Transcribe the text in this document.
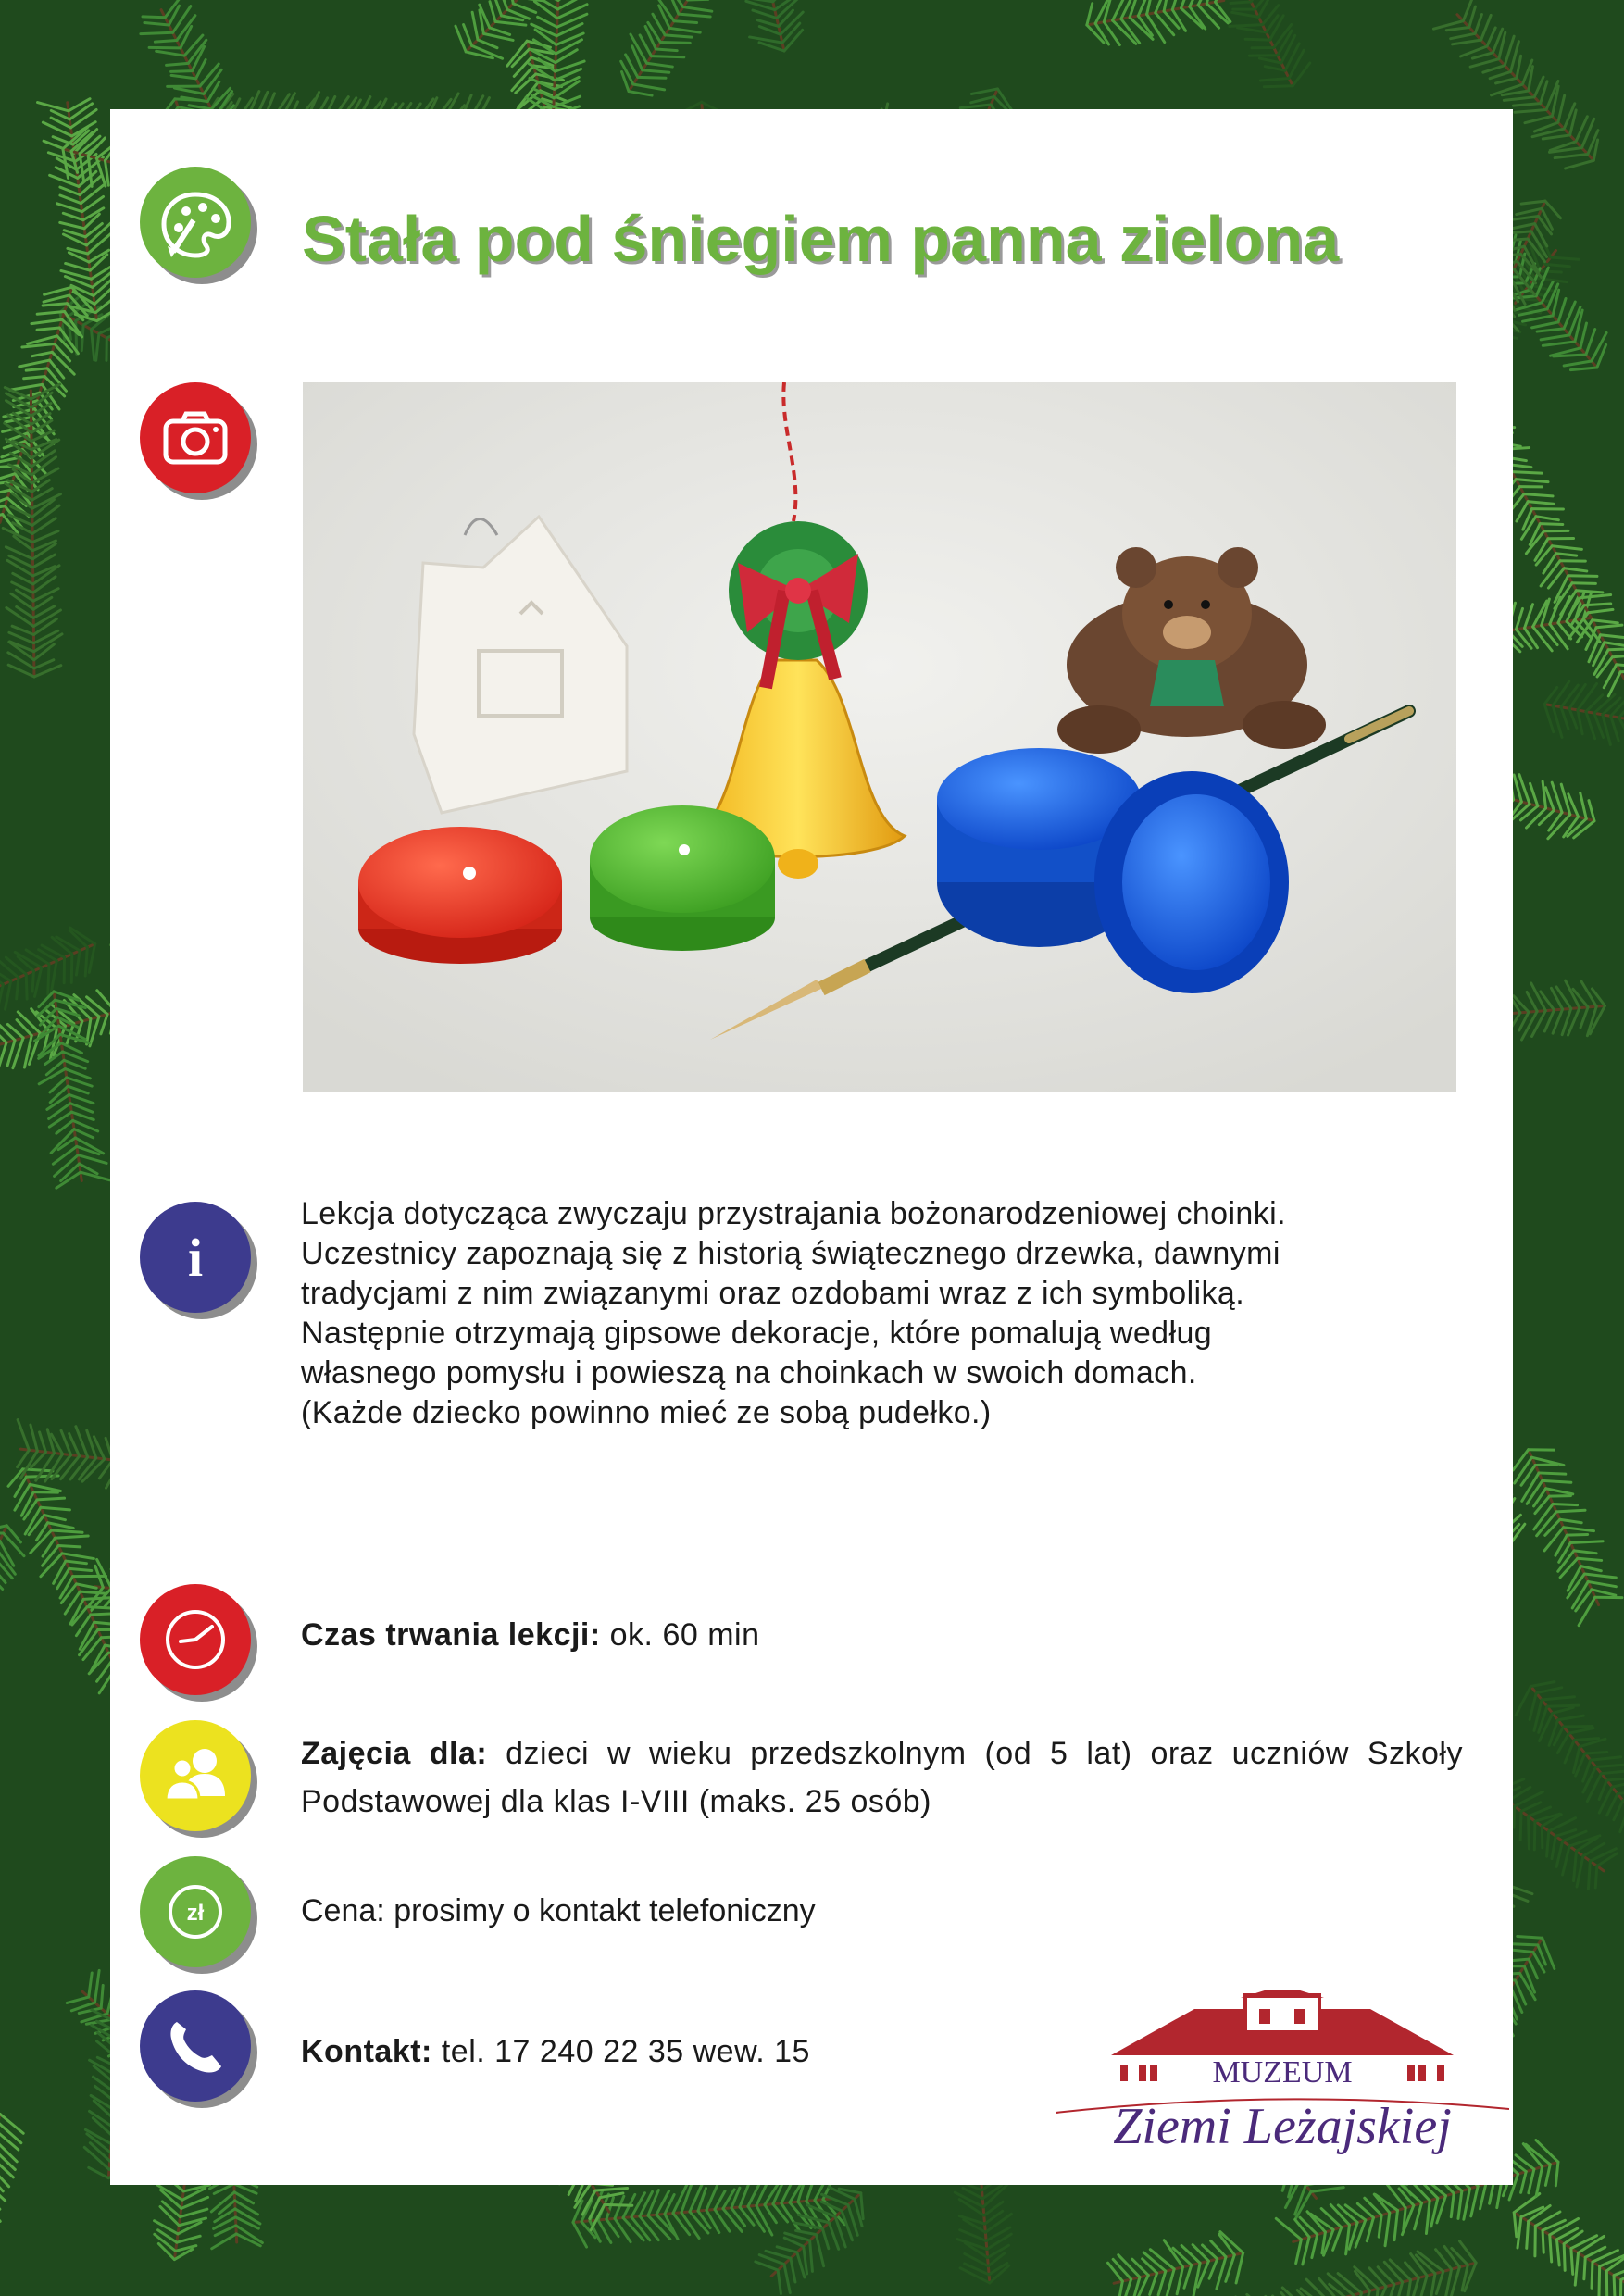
Stała pod śniegiem panna zielona
i

Lekcja dotycząca zwyczaju przystrajania bożonarodzeniowej choinki.

Uczestnicy zapoznają się z historią świątecznego drzewka, dawnymi

tradycjami z nim związanymi oraz ozdobami wraz z ich symboliką.

Następnie otrzymają gipsowe dekoracje, które pomalują według

własnego pomysłu i powieszą na choinkach w swoich domach.

(Każde dziecko powinno mieć ze sobą pudełko.)

Czas trwania lekcji: ok. 60 min
Zajęcia dla: dzieci w wieku przedszkolnym (od 5 lat) oraz uczniów Szkoły Podstawowej dla klas I-VIII (maks. 25 osób)
zł	Cena: prosimy o kontakt telefoniczny
Kontakt: tel. 17 240 22 35 wew. 15
MUZEUM
Ziemi Leżajskiej
